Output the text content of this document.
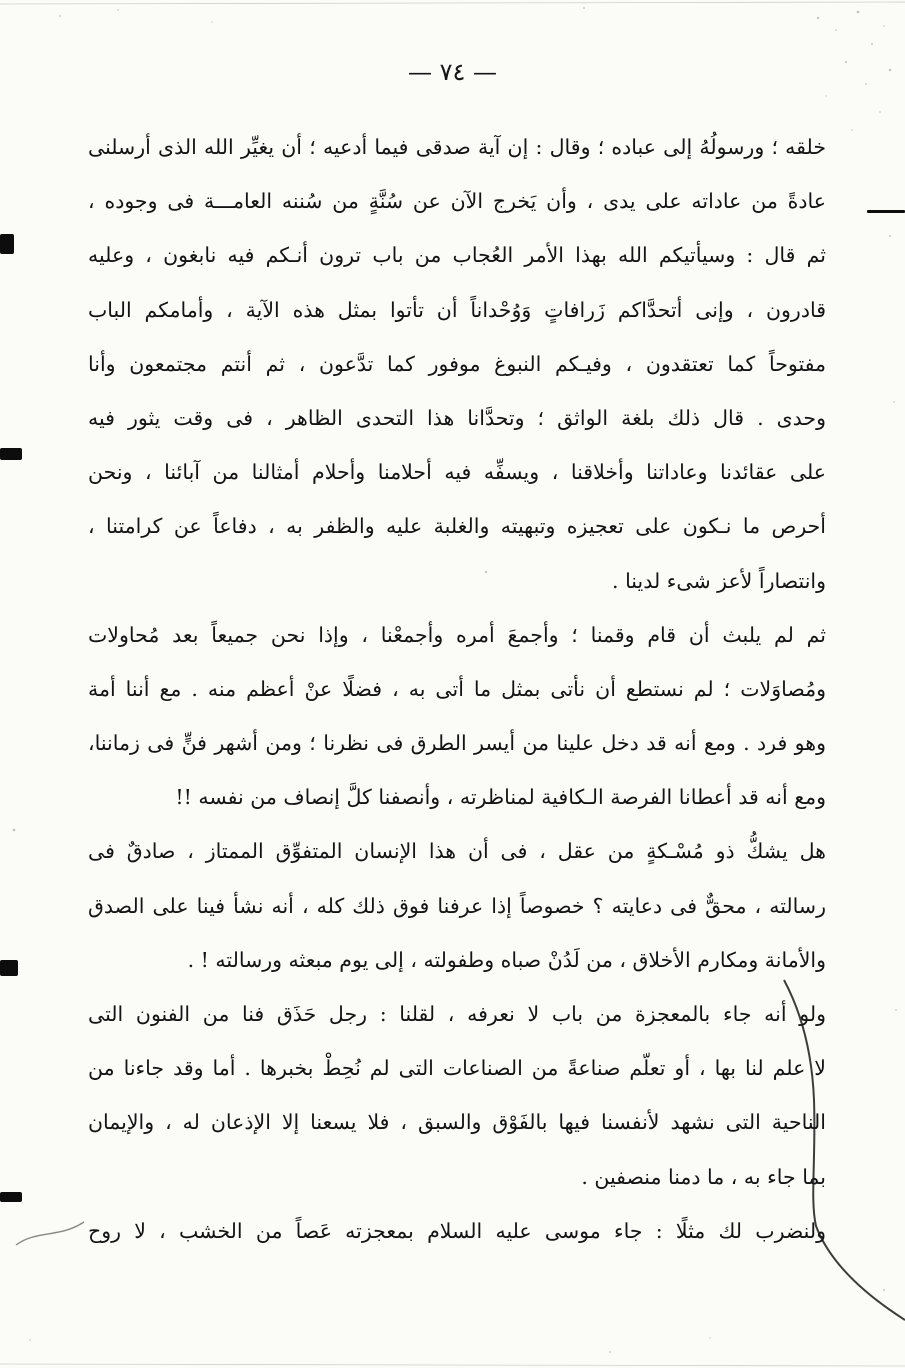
— ٧٤ —
خلقه ؛ ورسولُهُ إلى عباده ؛ وقال : إن آية صدقى فيما أدعيه ؛ أن يغيِّر الله الذى أرسلنى
عادةً من عاداته على يدى ، وأن يَخرج الآن عن سُنَّةٍ من سُننه العامـــة فى وجوده ،
ثم قال : وسيأتيكم الله بهذا الأمر العُجاب من باب ترون أنـكم فيه نابغون ، وعليه
قادرون ، وإنى أتحدَّاكم زَرافاتٍ وَوُحْداناً أن تأتوا بمثل هذه الآية ، وأمامكم الباب
مفتوحاً كما تعتقدون ، وفيـكم النبوغ موفور كما تدَّعون ، ثم أنتم مجتمعون وأنا
وحدى . قال ذلك بلغة الواثق ؛ وتحدَّانا هذا التحدى الظاهر ، فى وقت يثور فيه
على عقائدنا وعاداتنا وأخلاقنا ، ويسفِّه فيه أحلامنا وأحلام أمثالنا من آبائنا ، ونحن
أحرص ما نـكون على تعجيزه وتبهيته والغلبة عليه والظفر به ، دفاعاً عن كرامتنا ،
وانتصاراً لأعز شىء لدينا .
ثم لم يلبث أن قام وقمنا ؛ وأجمعَ أمره وأجمعْنا ، وإذا نحن جميعاً بعد مُحاولات
ومُصاوَلات ؛ لم نستطع أن نأتى بمثل ما أتى به ، فضلًا عنْ أعظم منه . مع أننا أمة
وهو فرد . ومع أنه قد دخل علينا من أيسر الطرق فى نظرنا ؛ ومن أشهر فنٍّ فى زماننا،
ومع أنه قد أعطانا الفرصة الـكافية لمناظرته ، وأنصفنا كلَّ إنصاف من نفسه !!
هل يشكُّ ذو مُسْـكةٍ من عقل ، فى أن هذا الإنسان المتفوِّق الممتاز ، صادقٌ فى
رسالته ، محقٌّ فى دعايته ؟ خصوصاً إذا عرفنا فوق ذلك كله ، أنه نشأ فينا على الصدق
والأمانة ومكارم الأخلاق ، من لَدُنْ صباه وطفولته ، إلى يوم مبعثه ورسالته ! .
ولو أنه جاء بالمعجزة من باب لا نعرفه ، لقلنا : رجل حَذَق فنا من الفنون التى
لا علم لنا بها ، أو تعلّم صناعةً من الصناعات التى لم نُحِطْ بخبرها . أما وقد جاءنا من
الناحية التى نشهد لأنفسنا فيها بالفَوْق والسبق ، فلا يسعنا إلا الإذعان له ، والإيمان
بما جاء به ، ما دمنا منصفين .
ولنضرب لك مثلًا : جاء موسى عليه السلام بمعجزته عَصاً من الخشب ، لا روح
